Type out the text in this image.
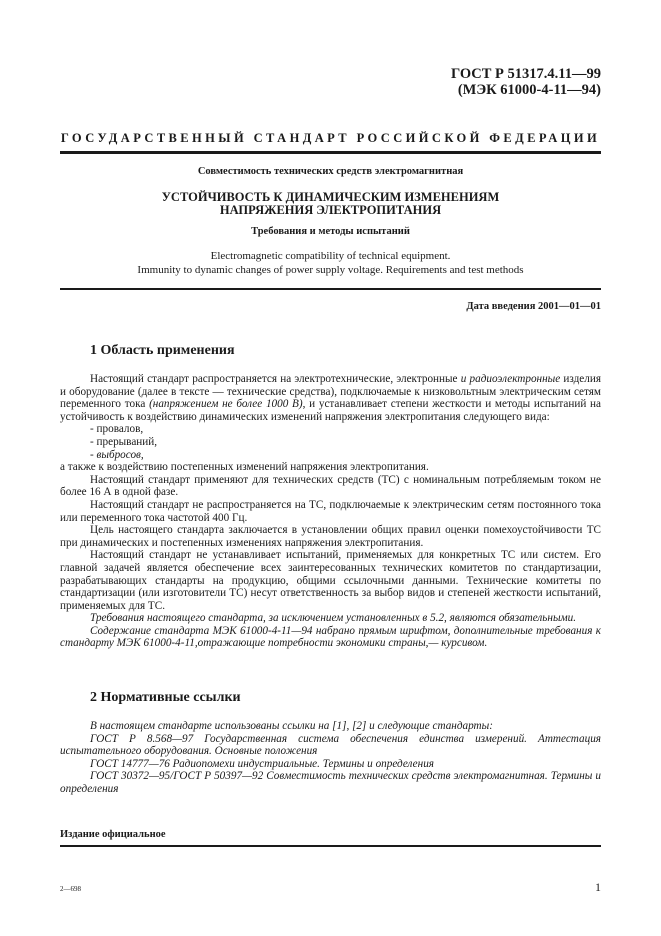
ГОСТ Р 51317.4.11—99
(МЭК 61000-4-11—94)
ГОСУДАРСТВЕННЫЙ СТАНДАРТ РОССИЙСКОЙ ФЕДЕРАЦИИ
Совместимость технических средств электромагнитная
УСТОЙЧИВОСТЬ К ДИНАМИЧЕСКИМ ИЗМЕНЕНИЯМ
НАПРЯЖЕНИЯ ЭЛЕКТРОПИТАНИЯ
Требования и методы испытаний
Electromagnetic compatibility of technical equipment.
Immunity to dynamic changes of power supply voltage. Requirements and test methods
Дата введения 2001—01—01
1 Область применения

Настоящий стандарт распространяется на электротехнические, электронные и радиоэлектронные изделия и оборудование (далее в тексте — технические средства), подключаемые к низковольтным электрическим сетям переменного тока (напряжением не более 1000 В), и устанавливает степени жесткости и методы испытаний на устойчивость к воздействию динамических изменений напряжения электропитания следующего вида:

- провалов,

- прерываний,

- выбросов,

а также к воздействию постепенных изменений напряжения электропитания.

Настоящий стандарт применяют для технических средств (ТС) с номинальным потребляемым током не более 16 А в одной фазе.

Настоящий стандарт не распространяется на ТС, подключаемые к электрическим сетям постоянного тока или переменного тока частотой 400 Гц.

Цель настоящего стандарта заключается в установлении общих правил оценки помехоустойчивости ТС при динамических и постепенных изменениях напряжения электропитания.

Настоящий стандарт не устанавливает испытаний, применяемых для конкретных ТС или систем. Его главной задачей является обеспечение всех заинтересованных технических комитетов по стандартизации, разрабатывающих стандарты на продукцию, общими ссылочными данными. Технические комитеты по стандартизации (или изготовители ТС) несут ответственность за выбор видов и степеней жесткости испытаний, применяемых для ТС.

Требования настоящего стандарта, за исключением установленных в 5.2, являются обязательными.

Содержание стандарта МЭК 61000-4-11—94 набрано прямым шрифтом, дополнительные требования к стандарту МЭК 61000-4-11,отражающие потребности экономики страны,— курсивом.

2 Нормативные ссылки

В настоящем стандарте использованы ссылки на [1], [2] и следующие стандарты:

ГОСТ Р 8.568—97 Государственная система обеспечения единства измерений. Аттестация испытательного оборудования. Основные положения

ГОСТ 14777—76 Радиопомехи индустриальные. Термины и определения

ГОСТ 30372—95/ГОСТ Р 50397—92 Совместимость технических средств электромагнитная. Термины и определения

Издание официальное
2—698	1
